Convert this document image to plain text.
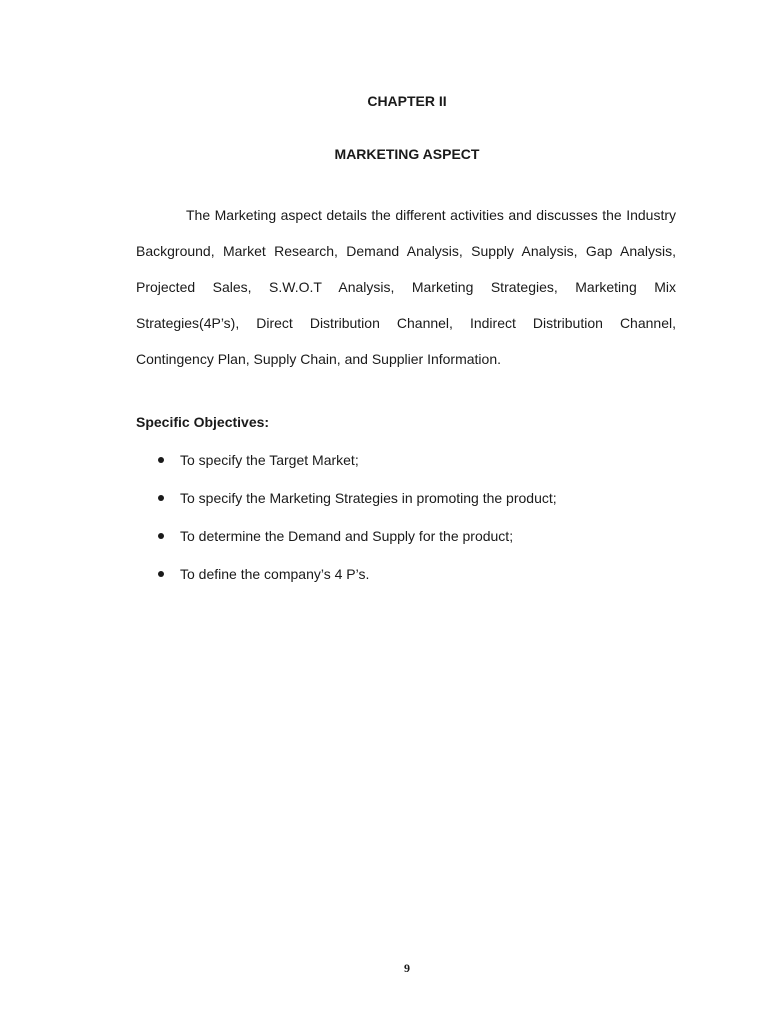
CHAPTER II
MARKETING ASPECT

The Marketing aspect details the different activities and discusses the Industry Background, Market Research, Demand Analysis, Supply Analysis, Gap Analysis, Projected Sales, S.W.O.T Analysis, Marketing Strategies, Marketing Mix Strategies(4P’s), Direct Distribution Channel, Indirect Distribution Channel, Contingency Plan, Supply Chain, and Supplier Information.

Specific Objectives:

To specify the Target Market;
To specify the Marketing Strategies in promoting the product;
To determine the Demand and Supply for the product;
To define the company’s 4 P’s.
9
